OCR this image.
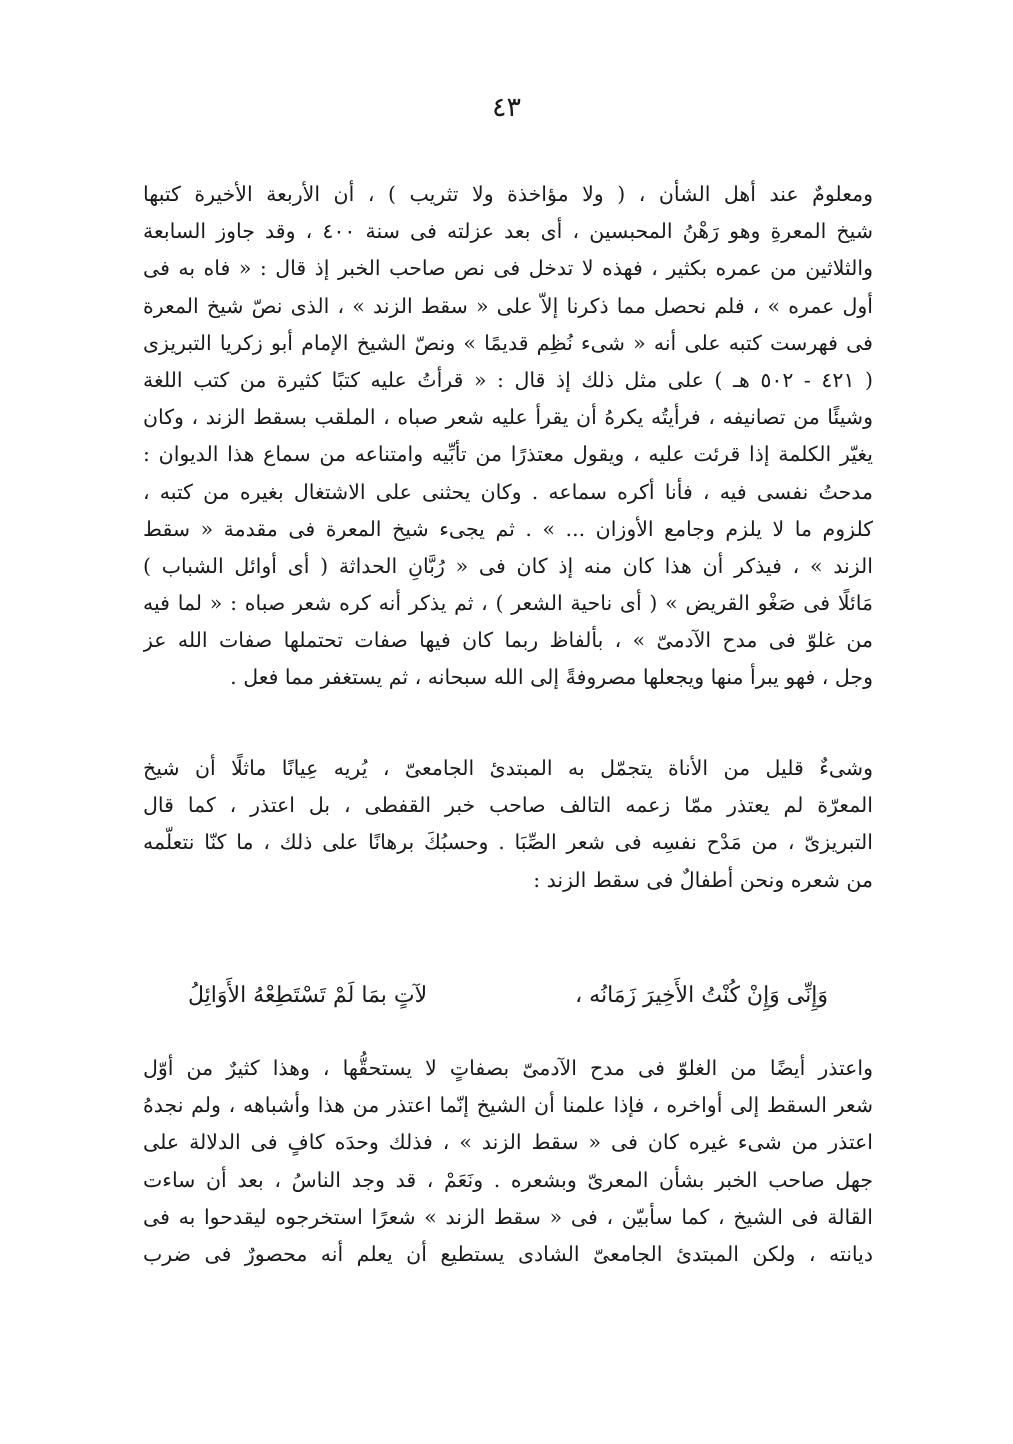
٤٣
ومعلومٌ عند أهل الشأن ، ( ولا مؤاخذة ولا تثريب ) ، أن الأربعة الأخيرة كتبها
شيخ المعرةِ وهو رَهْنُ المحبسين ، أى بعد عزلته فى سنة ٤٠٠ ، وقد جاوز السابعة
والثلاثين من عمره بكثير ، فهذه لا تدخل فى نص صاحب الخبر إذ قال : « فاه به فى
أول عمره » ، فلم نحصل مما ذكرنا إلاّ على « سقط الزند » ، الذى نصّ شيخ المعرة
فى فهرست كتبه على أنه « شىء نُظِم قديمًا » ونصّ الشيخ الإمام أبو زكريا التبريزى
( ٤٢١ - ٥٠٢ هـ ) على مثل ذلك إذ قال : « قرأتُ عليه كتبًا كثيرة من كتب اللغة
وشيئًا من تصانيفه ، فرأيتُه يكرهُ أن يقرأ عليه شعر صباه ، الملقب بسقط الزند ، وكان
يغيّر الكلمة إذا قرئت عليه ، ويقول معتذرًا من تأبِّيه وامتناعه من سماع هذا الديوان :
مدحتُ نفسى فيه ، فأنا أكره سماعه . وكان يحثنى على الاشتغال بغيره من كتبه ،
كلزوم ما لا يلزم وجامع الأوزان ... » . ثم يجىء شيخ المعرة فى مقدمة « سقط
الزند » ، فيذكر أن هذا كان منه إذ كان فى « رُبَّانِ الحداثة ( أى أوائل الشباب )
مَائلًا فى صَغْو القريض » ( أى ناحية الشعر ) ، ثم يذكر أنه كره شعر صباه : « لما فيه
من غلوّ فى مدح الآدمىّ » ، بألفاظ ربما كان فيها صفات تحتملها صفات الله عز
وجل ، فهو يبرأ منها ويجعلها مصروفةً إلى الله سبحانه ، ثم يستغفر مما فعل .
وشىءٌ قليل من الأناة يتجمّل به المبتدئ الجامعىّ ، يُريه عِيانًا ماثلًا أن شيخ
المعرّة لم يعتذر ممّا زعمه التالف صاحب خبر القفطى ، بل اعتذر ، كما قال
التبريزىّ ، من مَدْح نفسِه فى شعر الصِّبَا . وحسبُكَ برهانًا على ذلك ، ما كنّا نتعلّمه
من شعره ونحن أطفالٌ فى سقط الزند :
وَإِنِّى وَإِنْ كُنْتُ الأَخِيرَ زَمَانُه ،
لآتٍ بمَا لَمْ تَسْتَطِعْهُ الأَوَائِلُ
واعتذر أيضًا من الغلوّ فى مدح الآدمىّ بصفاتٍ لا يستحقُّها ، وهذا كثيرٌ من أوّل
شعر السقط إلى أواخره ، فإذا علمنا أن الشيخ إنّما اعتذر من هذا وأشباهه ، ولم نجدهُ
اعتذر من شىء غيره كان فى « سقط الزند » ، فذلك وحدَه كافٍ فى الدلالة على
جهل صاحب الخبر بشأن المعرىّ وبشعره . ونَعَمْ ، قد وجد الناسُ ، بعد أن ساءت
القالة فى الشيخ ، كما سأبيّن ، فى « سقط الزند » شعرًا استخرجوه ليقدحوا به فى
ديانته ، ولكن المبتدئ الجامعىّ الشادى يستطيع أن يعلم أنه محصورٌ فى ضرب
